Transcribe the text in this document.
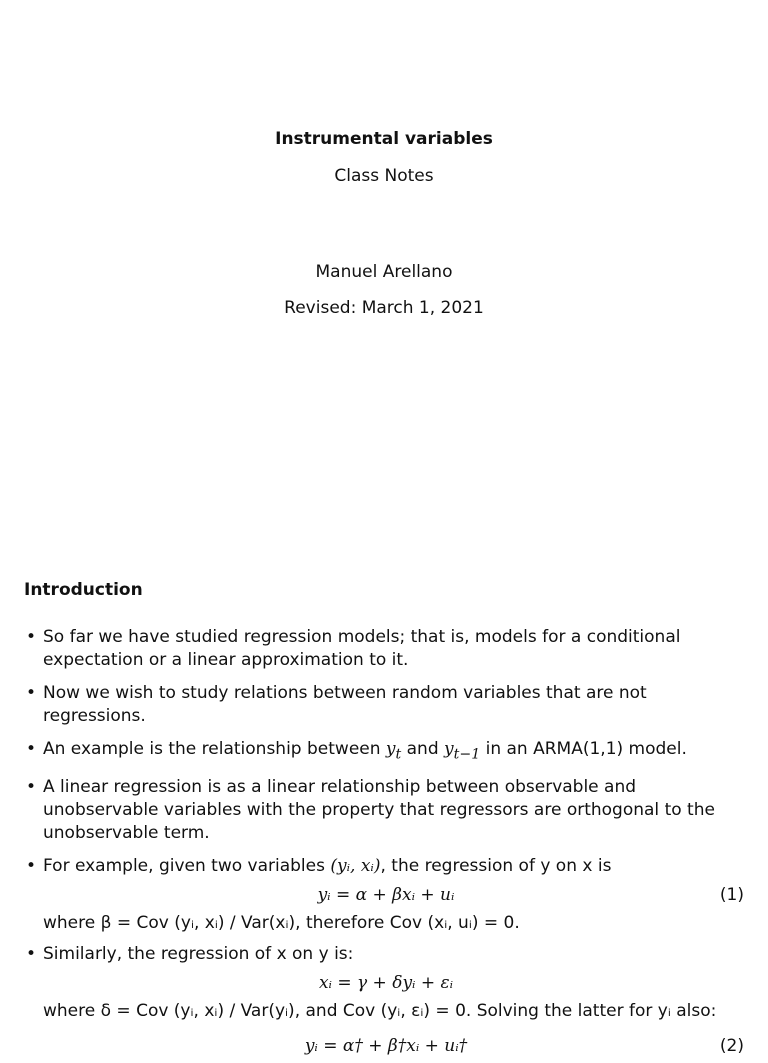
Instrumental variables
Class Notes
Manuel Arellano
Revised: March 1, 2021
Introduction
• So far we have studied regression models; that is, models for a conditional expectation or a linear approximation to it.
• Now we wish to study relations between random variables that are not regressions.
• An example is the relationship between $y_t$ and $y_{t-1}$ in an ARMA(1,1) model.
• A linear regression is as a linear relationship between observable and unobservable variables with the property that regressors are orthogonal to the unobservable term.
• For example, given two variables (yᵢ, xᵢ), the regression of y on x is
yᵢ = α + βxᵢ + uᵢ	(1)
where β = Cov (yᵢ, xᵢ) / Var(xᵢ), therefore Cov (xᵢ, uᵢ) = 0.
• Similarly, the regression of x on y is:
xᵢ = γ + δyᵢ + εᵢ
where δ = Cov (yᵢ, xᵢ) / Var(yᵢ), and Cov (yᵢ, εᵢ) = 0. Solving the latter for yᵢ also:
yᵢ = α† + β†xᵢ + uᵢ†	(2)
